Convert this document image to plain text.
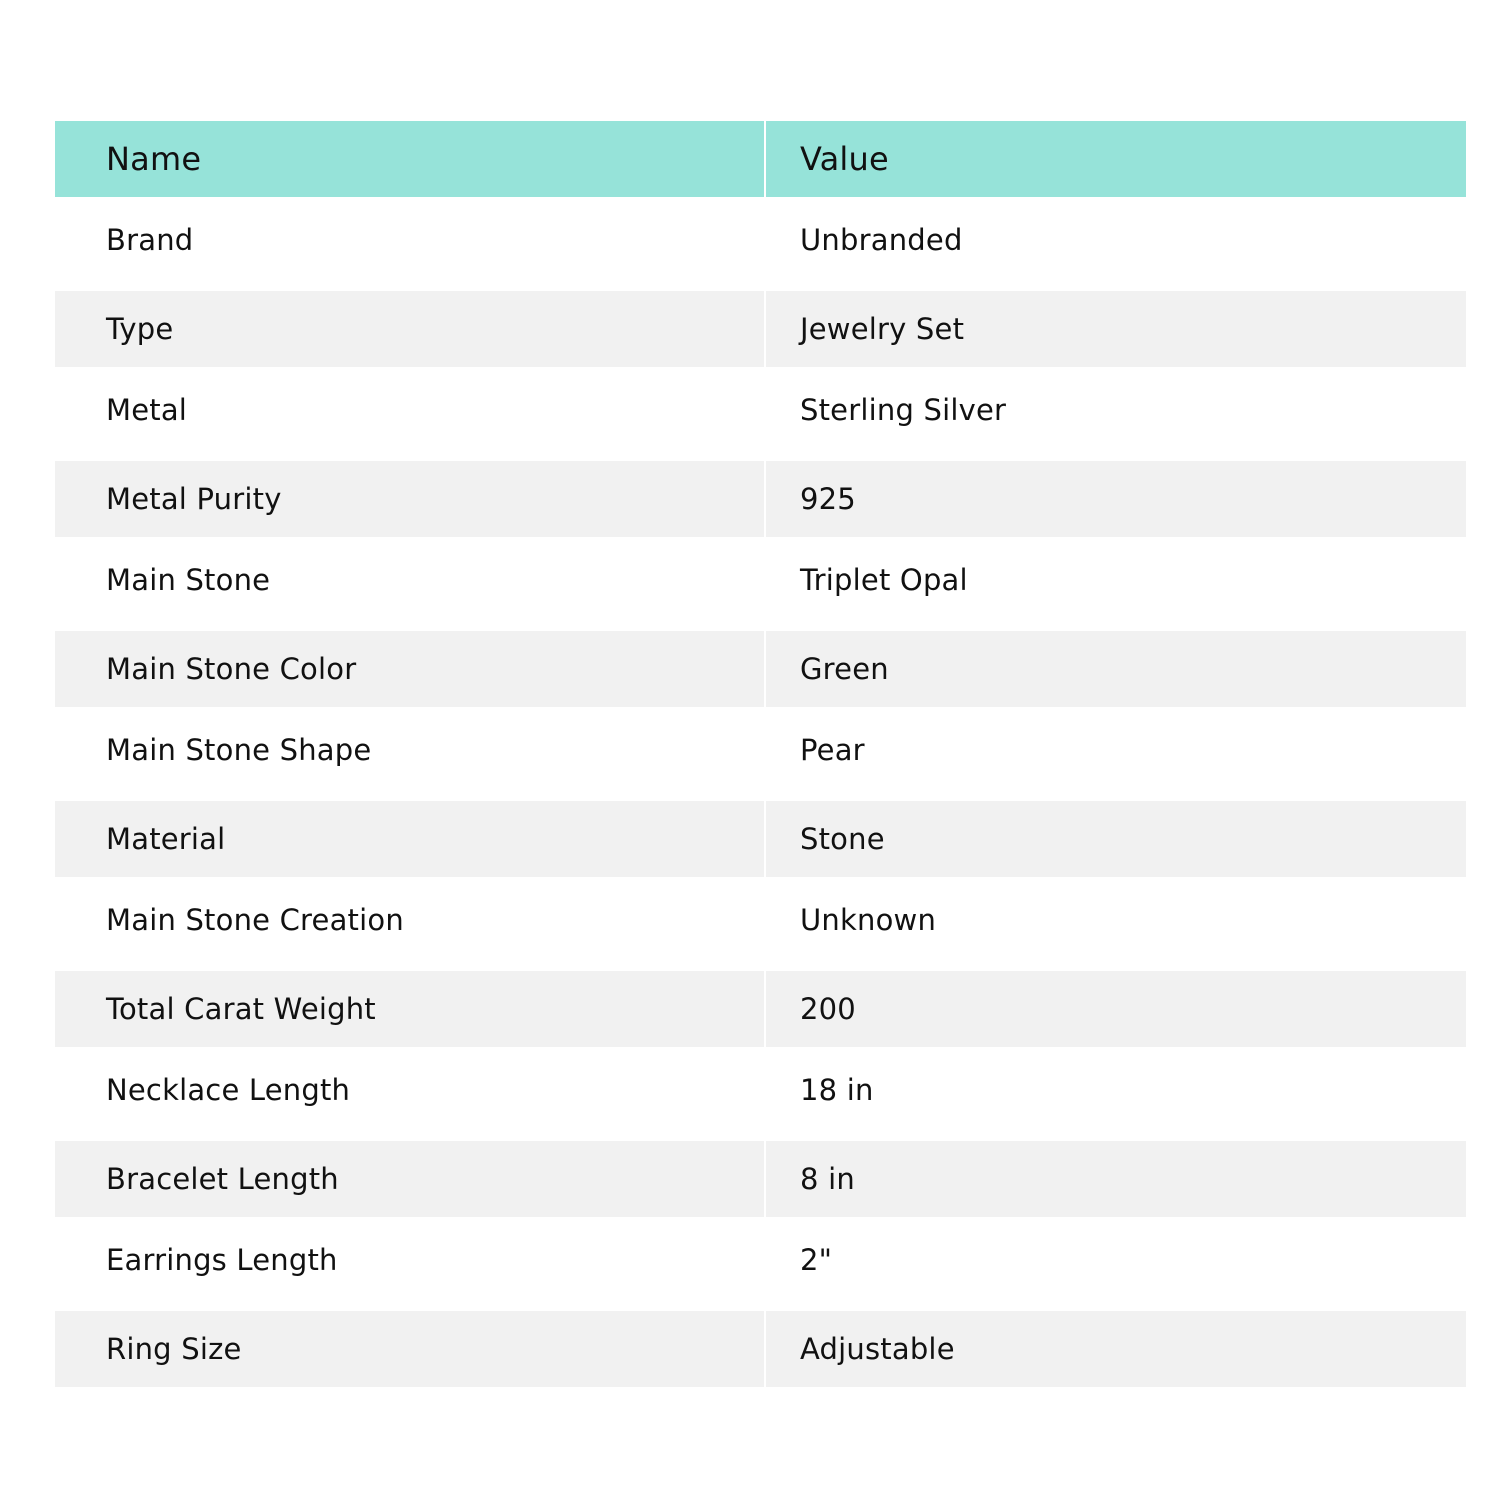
Name	Value
Brand	Unbranded
Type	Jewelry Set
Metal	Sterling Silver
Metal Purity	925
Main Stone	Triplet Opal
Main Stone Color	Green
Main Stone Shape	Pear
Material	Stone
Main Stone Creation	Unknown
Total Carat Weight	200
Necklace Length	18 in
Bracelet Length	8 in
Earrings Length	2"
Ring Size	Adjustable
